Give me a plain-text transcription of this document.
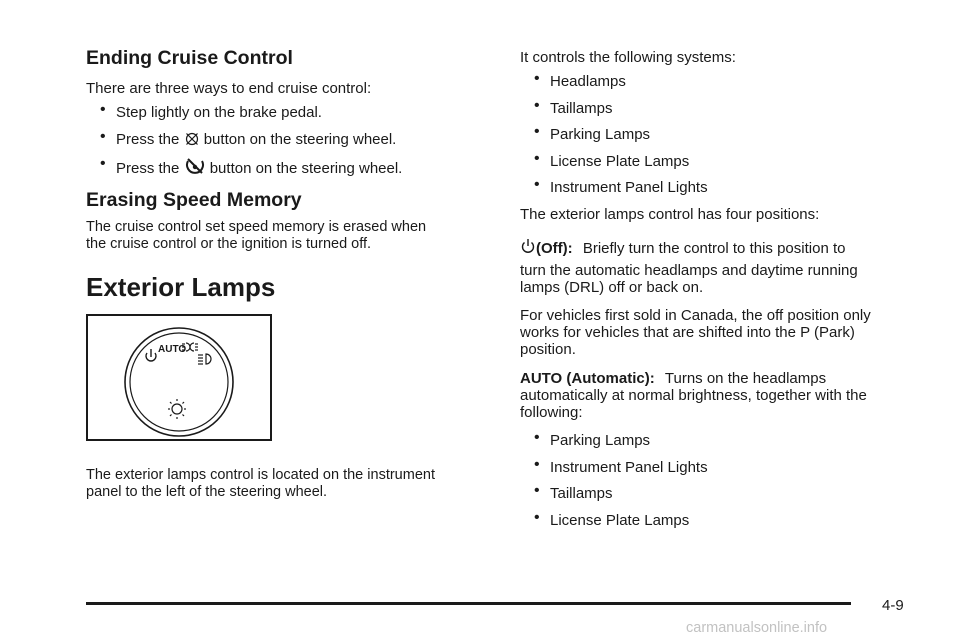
Ending Cruise Control

There are three ways to end cruise control:

• Step lightly on the brake pedal.
• Press the button on the steering wheel.
• Press the button on the steering wheel.
Erasing Speed Memory

The cruise control set speed memory is erased when

the cruise control or the ignition is turned off.

Exterior Lamps
AUTO

The exterior lamps control is located on the instrument

panel to the left of the steering wheel.

It controls the following systems:

• Headlamps
• Taillamps
• Parking Lamps
• License Plate Lamps
• Instrument Panel Lights

The exterior lamps control has four positions:

(Off): Briefly turn the control to this position to

turn the automatic headlamps and daytime running

lamps (DRL) off or back on.

For vehicles first sold in Canada, the off position only

works for vehicles that are shifted into the P (Park)

position.

AUTO (Automatic): Turns on the headlamps

automatically at normal brightness, together with the

following:

• Parking Lamps
• Instrument Panel Lights
• Taillamps
• License Plate Lamps
4-9
carmanualsonline.info
